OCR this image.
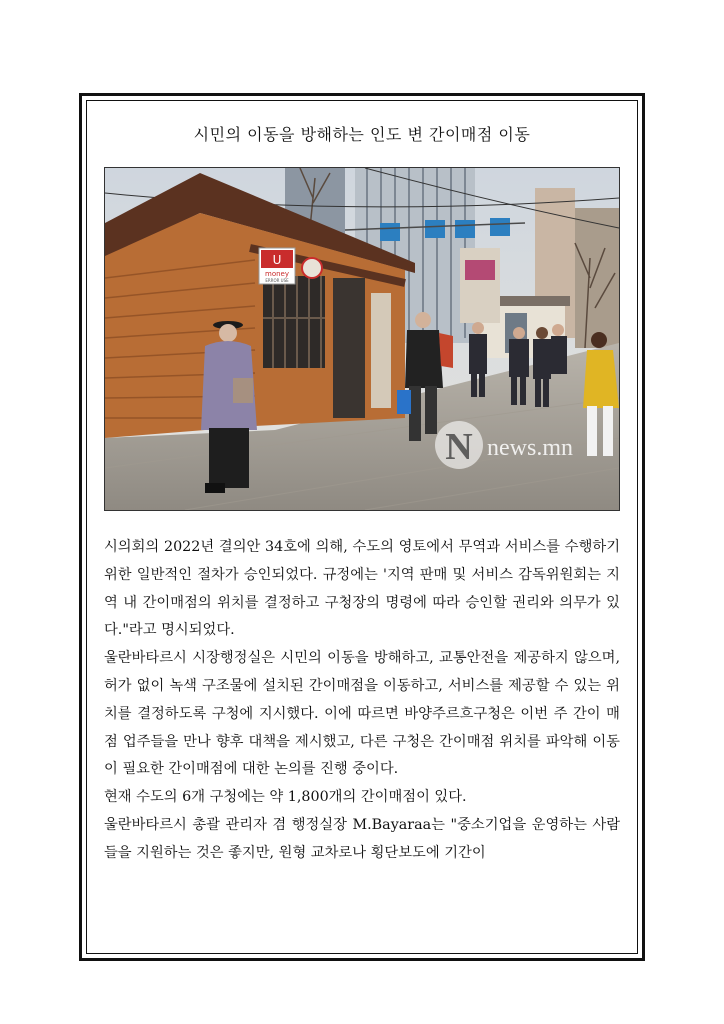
시민의 이동을 방해하는 인도 변 간이매점 이동
U
money
ERROR USE
N news.mn

시의회의 2022년 결의안 34호에 의해, 수도의 영토에서 무역과 서비스를 수행하기 위한 일반적인 절차가 승인되었다. 규정에는 '지역 판매 및 서비스 감독위원회는 지역 내 간이매점의 위치를 결정하고 구청장의 명령에 따라 승인할 권리와 의무가 있다."라고 명시되었다.

울란바타르시 시장행정실은 시민의 이동을 방해하고, 교통안전을 제공하지 않으며, 허가 없이 녹색 구조물에 설치된 간이매점을 이동하고, 서비스를 제공할 수 있는 위치를 결정하도록 구청에 지시했다. 이에 따르면 바양주르흐구청은 이번 주 간이 매점 업주들을 만나 향후 대책을 제시했고, 다른 구청은 간이매점 위치를 파악해 이동이 필요한 간이매점에 대한 논의를 진행 중이다.

현재 수도의 6개 구청에는 약 1,800개의 간이매점이 있다.

울란바타르시 총괄 관리자 겸 행정실장 M.Bayaraa는 "중소기업을 운영하는 사람들을 지원하는 것은 좋지만, 원형 교차로나 횡단보도에 기간이
